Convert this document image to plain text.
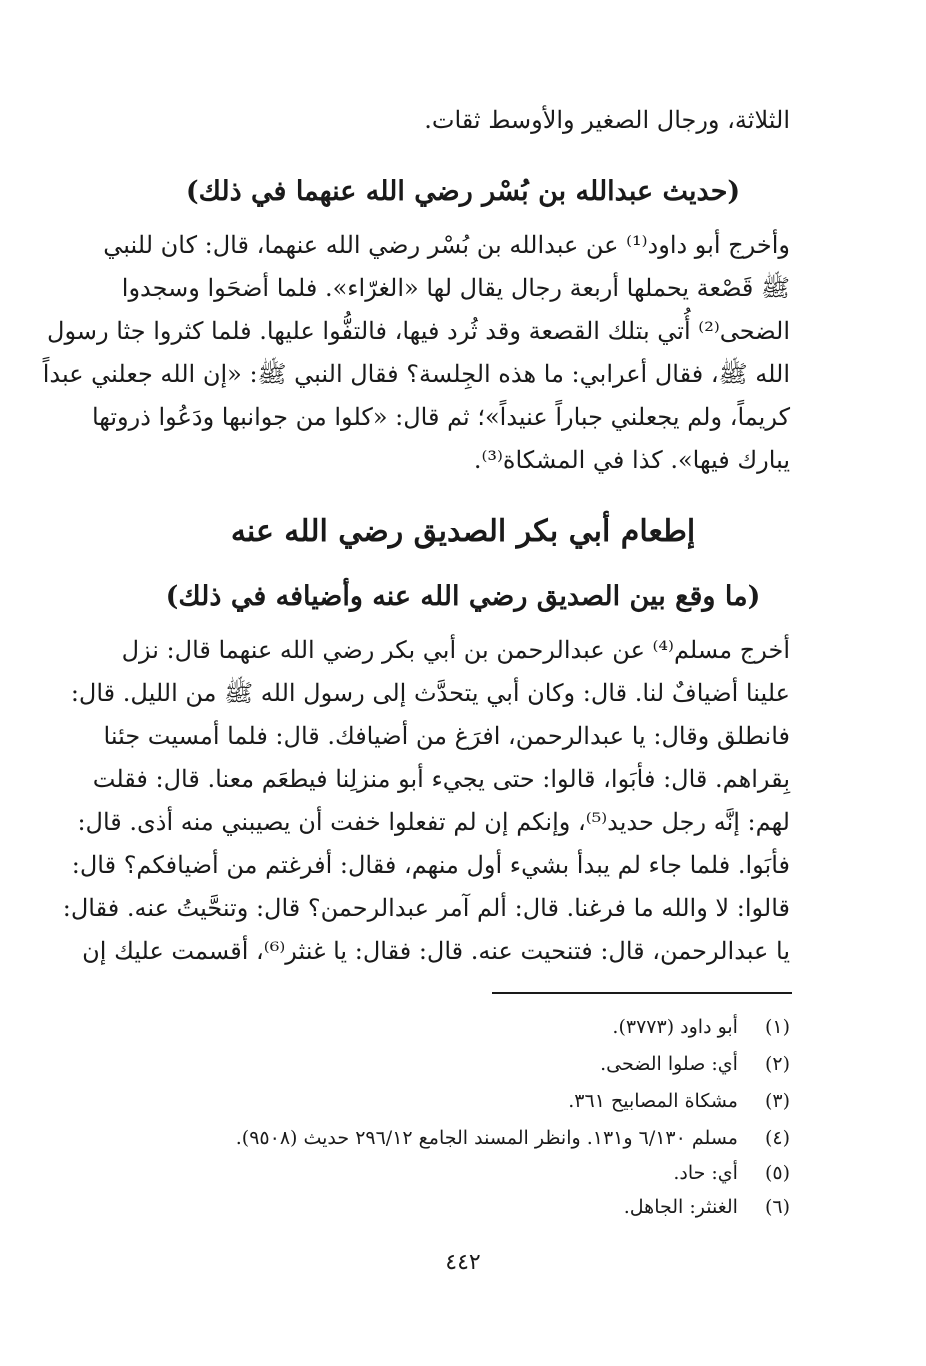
الثلاثة، ورجال الصغير والأوسط ثقات.
(حديث عبدالله بن بُسْر رضي الله عنهما في ذلك)
وأخرج أبو داود⁽¹⁾ عن عبدالله بن بُسْر رضي الله عنهما، قال: كان للنبي
ﷺ قَصْعة يحملها أربعة رجال يقال لها «الغرّاء». فلما أضحَوا وسجدوا
الضحى⁽²⁾ أُتي بتلك القصعة وقد ثُرد فيها، فالتفُّوا عليها. فلما كثروا جثا رسول
الله ﷺ، فقال أعرابي: ما هذه الجِلسة؟ فقال النبي ﷺ: «إن الله جعلني عبداً
كريماً، ولم يجعلني جباراً عنيداً»؛ ثم قال: «كلوا من جوانبها ودَعُوا ذروتها
يبارك فيها». كذا في المشكاة⁽³⁾.
إطعام أبي بكر الصديق رضي الله عنه
(ما وقع بين الصديق رضي الله عنه وأضيافه في ذلك)
أخرج مسلم⁽⁴⁾ عن عبدالرحمن بن أبي بكر رضي الله عنهما قال: نزل
علينا أضيافٌ لنا. قال: وكان أبي يتحدَّث إلى رسول الله ﷺ من الليل. قال:
فانطلق وقال: يا عبدالرحمن، افرَغ من أضيافك. قال: فلما أمسيت جئنا
بِقراهم. قال: فأبَوا، قالوا: حتى يجيء أبو منزلِنا فيطعَم معنا. قال: فقلت
لهم: إنَّه رجل حديد⁽⁵⁾، وإنكم إن لم تفعلوا خفت أن يصيبني منه أذى. قال:
فأبَوا. فلما جاء لم يبدأ بشيء أول منهم، فقال: أفرغتم من أضيافكم؟ قال:
قالوا: لا والله ما فرغنا. قال: ألم آمر عبدالرحمن؟ قال: وتنحَّيتُ عنه. فقال:
يا عبدالرحمن، قال: فتنحيت عنه. قال: فقال: يا غنثر⁽⁶⁾، أقسمت عليك إن
(١) أبو داود (٣٧٧٣).
(٢) أي: صلوا الضحى.
(٣) مشكاة المصابيح ٣٦١.
(٤) مسلم ٦/١٣٠ و١٣١. وانظر المسند الجامع ٢٩٦/١٢ حديث (٩٥٠٨).
(٥) أي: حاد.
(٦) الغنثر: الجاهل.
٤٤٢
